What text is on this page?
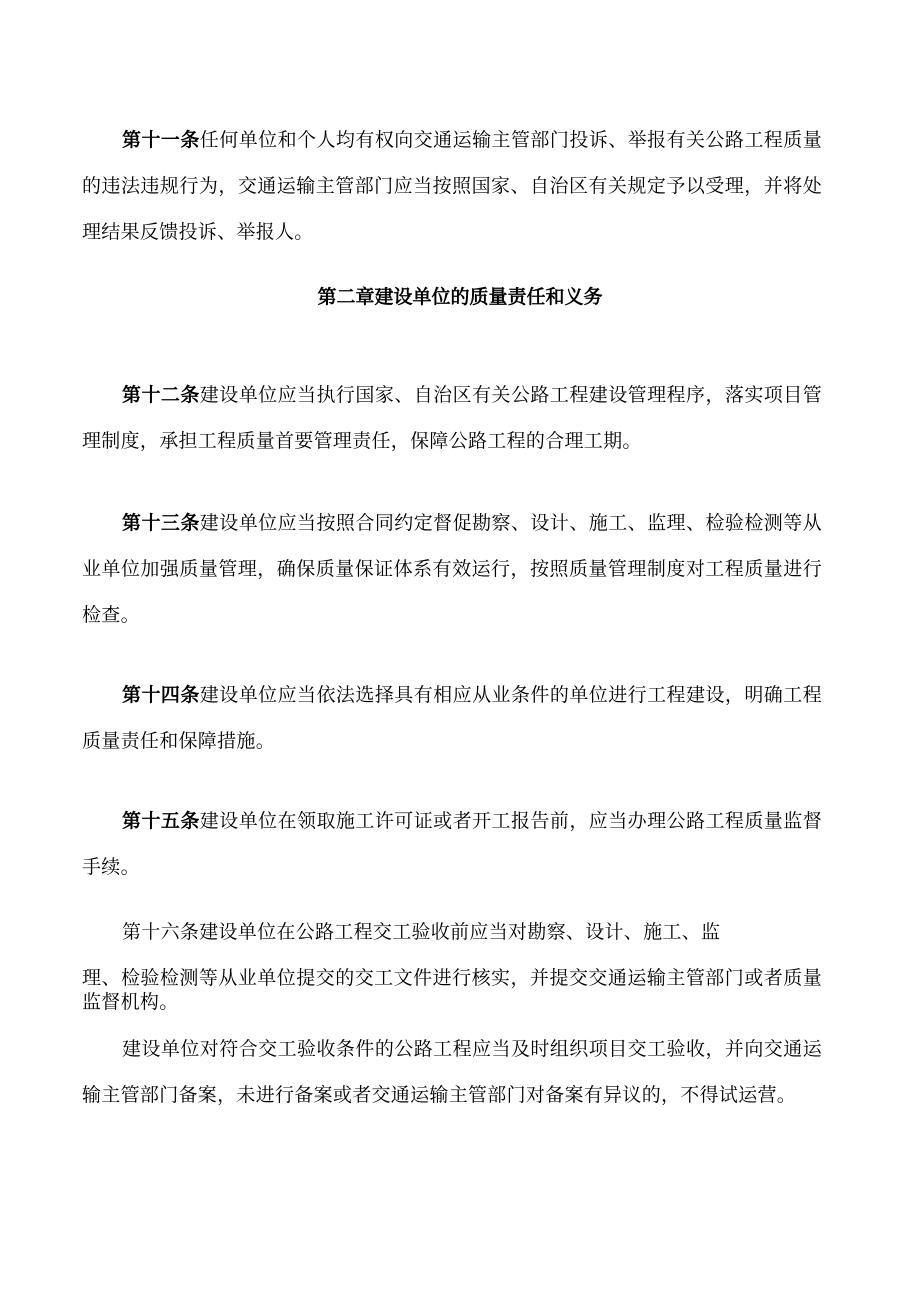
第十一条任何单位和个人均有权向交通运输主管部门投诉、举报有关公路工程质量的违法违规行为，交通运输主管部门应当按照国家、自治区有关规定予以受理，并将处理结果反馈投诉、举报人。

第二章建设单位的质量责任和义务

第十二条建设单位应当执行国家、自治区有关公路工程建设管理程序，落实项目管理制度，承担工程质量首要管理责任，保障公路工程的合理工期。

第十三条建设单位应当按照合同约定督促勘察、设计、施工、监理、检验检测等从业单位加强质量管理，确保质量保证体系有效运行，按照质量管理制度对工程质量进行检查。

第十四条建设单位应当依法选择具有相应从业条件的单位进行工程建设，明确工程质量责任和保障措施。

第十五条建设单位在领取施工许可证或者开工报告前，应当办理公路工程质量监督手续。

第十六条建设单位在公路工程交工验收前应当对勘察、设计、施工、监

理、检验检测等从业单位提交的交工文件进行核实，并提交交通运输主管部门或者质量监督机构。

建设单位对符合交工验收条件的公路工程应当及时组织项目交工验收，并向交通运输主管部门备案，未进行备案或者交通运输主管部门对备案有异议的，不得试运营。
